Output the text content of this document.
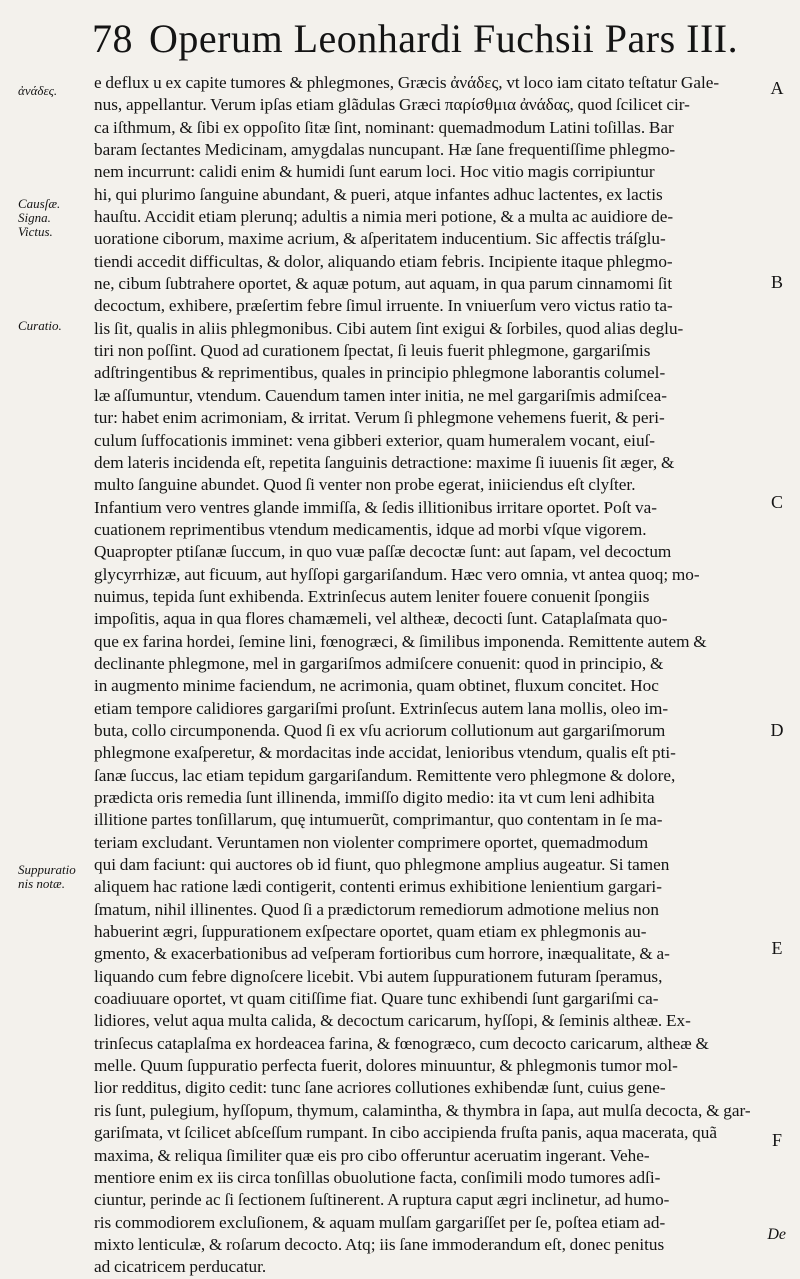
78 Operum Leonhardi Fuchsii Pars III.
ἀνάδες.
Causſæ.
Signa.
Victus.
Curatio.
Suppuratio
nis notæ.
A
B
C
D
E
F
e deflux u ex capite tumores & phlegmones, Græcis ἀνάδες, vt loco iam citato teſtatur Gale-
nus, appellantur. Verum ipſas etiam glãdulas Græci παρίσθμια ἀνάδας, quod ſcilicet cir-
ca iſthmum, & ſibi ex oppoſito ſitæ ſint, nominant: quemadmodum Latini toſillas. Bar
baram ſectantes Medicinam, amygdalas nuncupant. Hæ ſane frequentiſſime phlegmo-
nem incurrunt: calidi enim & humidi ſunt earum loci. Hoc vitio magis corripiuntur
hi, qui plurimo ſanguine abundant, & pueri, atque infantes adhuc lactentes, ex lactis
hauſtu. Accidit etiam plerunq; adultis a nimia meri potione, & a multa ac auidiore de-
uoratione ciborum, maxime acrium, & aſperitatem inducentium. Sic affectis tráſglu-
tiendi accedit difficultas, & dolor, aliquando etiam febris. Incipiente itaque phlegmo-
ne, cibum ſubtrahere oportet, & aquæ potum, aut aquam, in qua parum cinnamomi ſit
decoctum, exhibere, præſertim febre ſimul irruente. In vniuerſum vero victus ratio ta-
lis ſit, qualis in aliis phlegmonibus. Cibi autem ſint exigui & ſorbiles, quod alias deglu-
tiri non poſſint. Quod ad curationem ſpectat, ſi leuis fuerit phlegmone, gargariſmis
adſtringentibus & reprimentibus, quales in principio phlegmone laborantis columel-
læ aſſumuntur, vtendum. Cauendum tamen inter initia, ne mel gargariſmis admiſcea-
tur: habet enim acrimoniam, & irritat. Verum ſi phlegmone vehemens fuerit, & peri-
culum ſuffocationis imminet: vena gibberi exterior, quam humeralem vocant, eiuſ-
dem lateris incidenda eſt, repetita ſanguinis detractione: maxime ſi iuuenis ſit æger, &
multo ſanguine abundet. Quod ſi venter non probe egerat, iniiciendus eſt clyſter.
Infantium vero ventres glande immiſſa, & ſedis illitionibus irritare oportet. Poſt va-
cuationem reprimentibus vtendum medicamentis, idque ad morbi vſque vigorem.
Quapropter ptiſanæ ſuccum, in quo vuæ paſſæ decoctæ ſunt: aut ſapam, vel decoctum
glycyrrhizæ, aut ficuum, aut hyſſopi gargariſandum. Hæc vero omnia, vt antea quoq; mo-
nuimus, tepida ſunt exhibenda. Extrinſecus autem leniter fouere conuenit ſpongiis
impoſitis, aqua in qua flores chamæmeli, vel altheæ, decocti ſunt. Cataplaſmata quo-
que ex farina hordei, ſemine lini, fœnogræci, & ſimilibus imponenda. Remittente autem &
declinante phlegmone, mel in gargariſmos admiſcere conuenit: quod in principio, &
in augmento minime faciendum, ne acrimonia, quam obtinet, fluxum concitet. Hoc
etiam tempore calidiores gargariſmi proſunt. Extrinſecus autem lana mollis, oleo im-
buta, collo circumponenda. Quod ſi ex vſu acriorum collutionum aut gargariſmorum
phlegmone exaſperetur, & mordacitas inde accidat, lenioribus vtendum, qualis eſt pti-
ſanæ ſuccus, lac etiam tepidum gargariſandum. Remittente vero phlegmone & dolore,
prædicta oris remedia ſunt illinenda, immiſſo digito medio: ita vt cum leni adhibita
illitione partes tonſillarum, quę intumuerũt, comprimantur, quo contentam in ſe ma-
teriam excludant. Veruntamen non violenter comprimere oportet, quemadmodum
qui dam faciunt: qui auctores ob id fiunt, quo phlegmone amplius augeatur. Si tamen
aliquem hac ratione lædi contigerit, contenti erimus exhibitione lenientium gargari-
ſmatum, nihil illinentes. Quod ſi a prædictorum remediorum admotione melius non
habuerint ægri, ſuppurationem exſpectare oportet, quam etiam ex phlegmonis au-
gmento, & exacerbationibus ad veſperam fortioribus cum horrore, inæqualitate, & a-
liquando cum febre dignoſcere licebit. Vbi autem ſuppurationem futuram ſperamus,
coadiuuare oportet, vt quam citiſſime fiat. Quare tunc exhibendi ſunt gargariſmi ca-
lidiores, velut aqua multa calida, & decoctum caricarum, hyſſopi, & ſeminis altheæ. Ex-
trinſecus cataplaſma ex hordeacea farina, & fœnogræco, cum decocto caricarum, altheæ &
melle. Quum ſuppuratio perfecta fuerit, dolores minuuntur, & phlegmonis tumor mol-
lior redditus, digito cedit: tunc ſane acriores collutiones exhibendæ ſunt, cuius gene-
ris ſunt, pulegium, hyſſopum, thymum, calamintha, & thymbra in ſapa, aut mulſa decocta, & gar-
gariſmata, vt ſcilicet abſceſſum rumpant. In cibo accipienda fruſta panis, aqua macerata, quã
maxima, & reliqua ſimiliter quæ eis pro cibo offeruntur aceruatim ingerant. Vehe-
mentiore enim ex iis circa tonſillas obuolutione facta, conſimili modo tumores adſi-
ciuntur, perinde ac ſi ſectionem ſuſtinerent. A ruptura caput ægri inclinetur, ad humo-
ris commodiorem excluſionem, & aquam mulſam gargariſſet per ſe, poſtea etiam ad-
mixto lenticulæ, & roſarum decocto. Atq; iis ſane immoderandum eſt, donec penitus
ad cicatricem perducatur.
De
